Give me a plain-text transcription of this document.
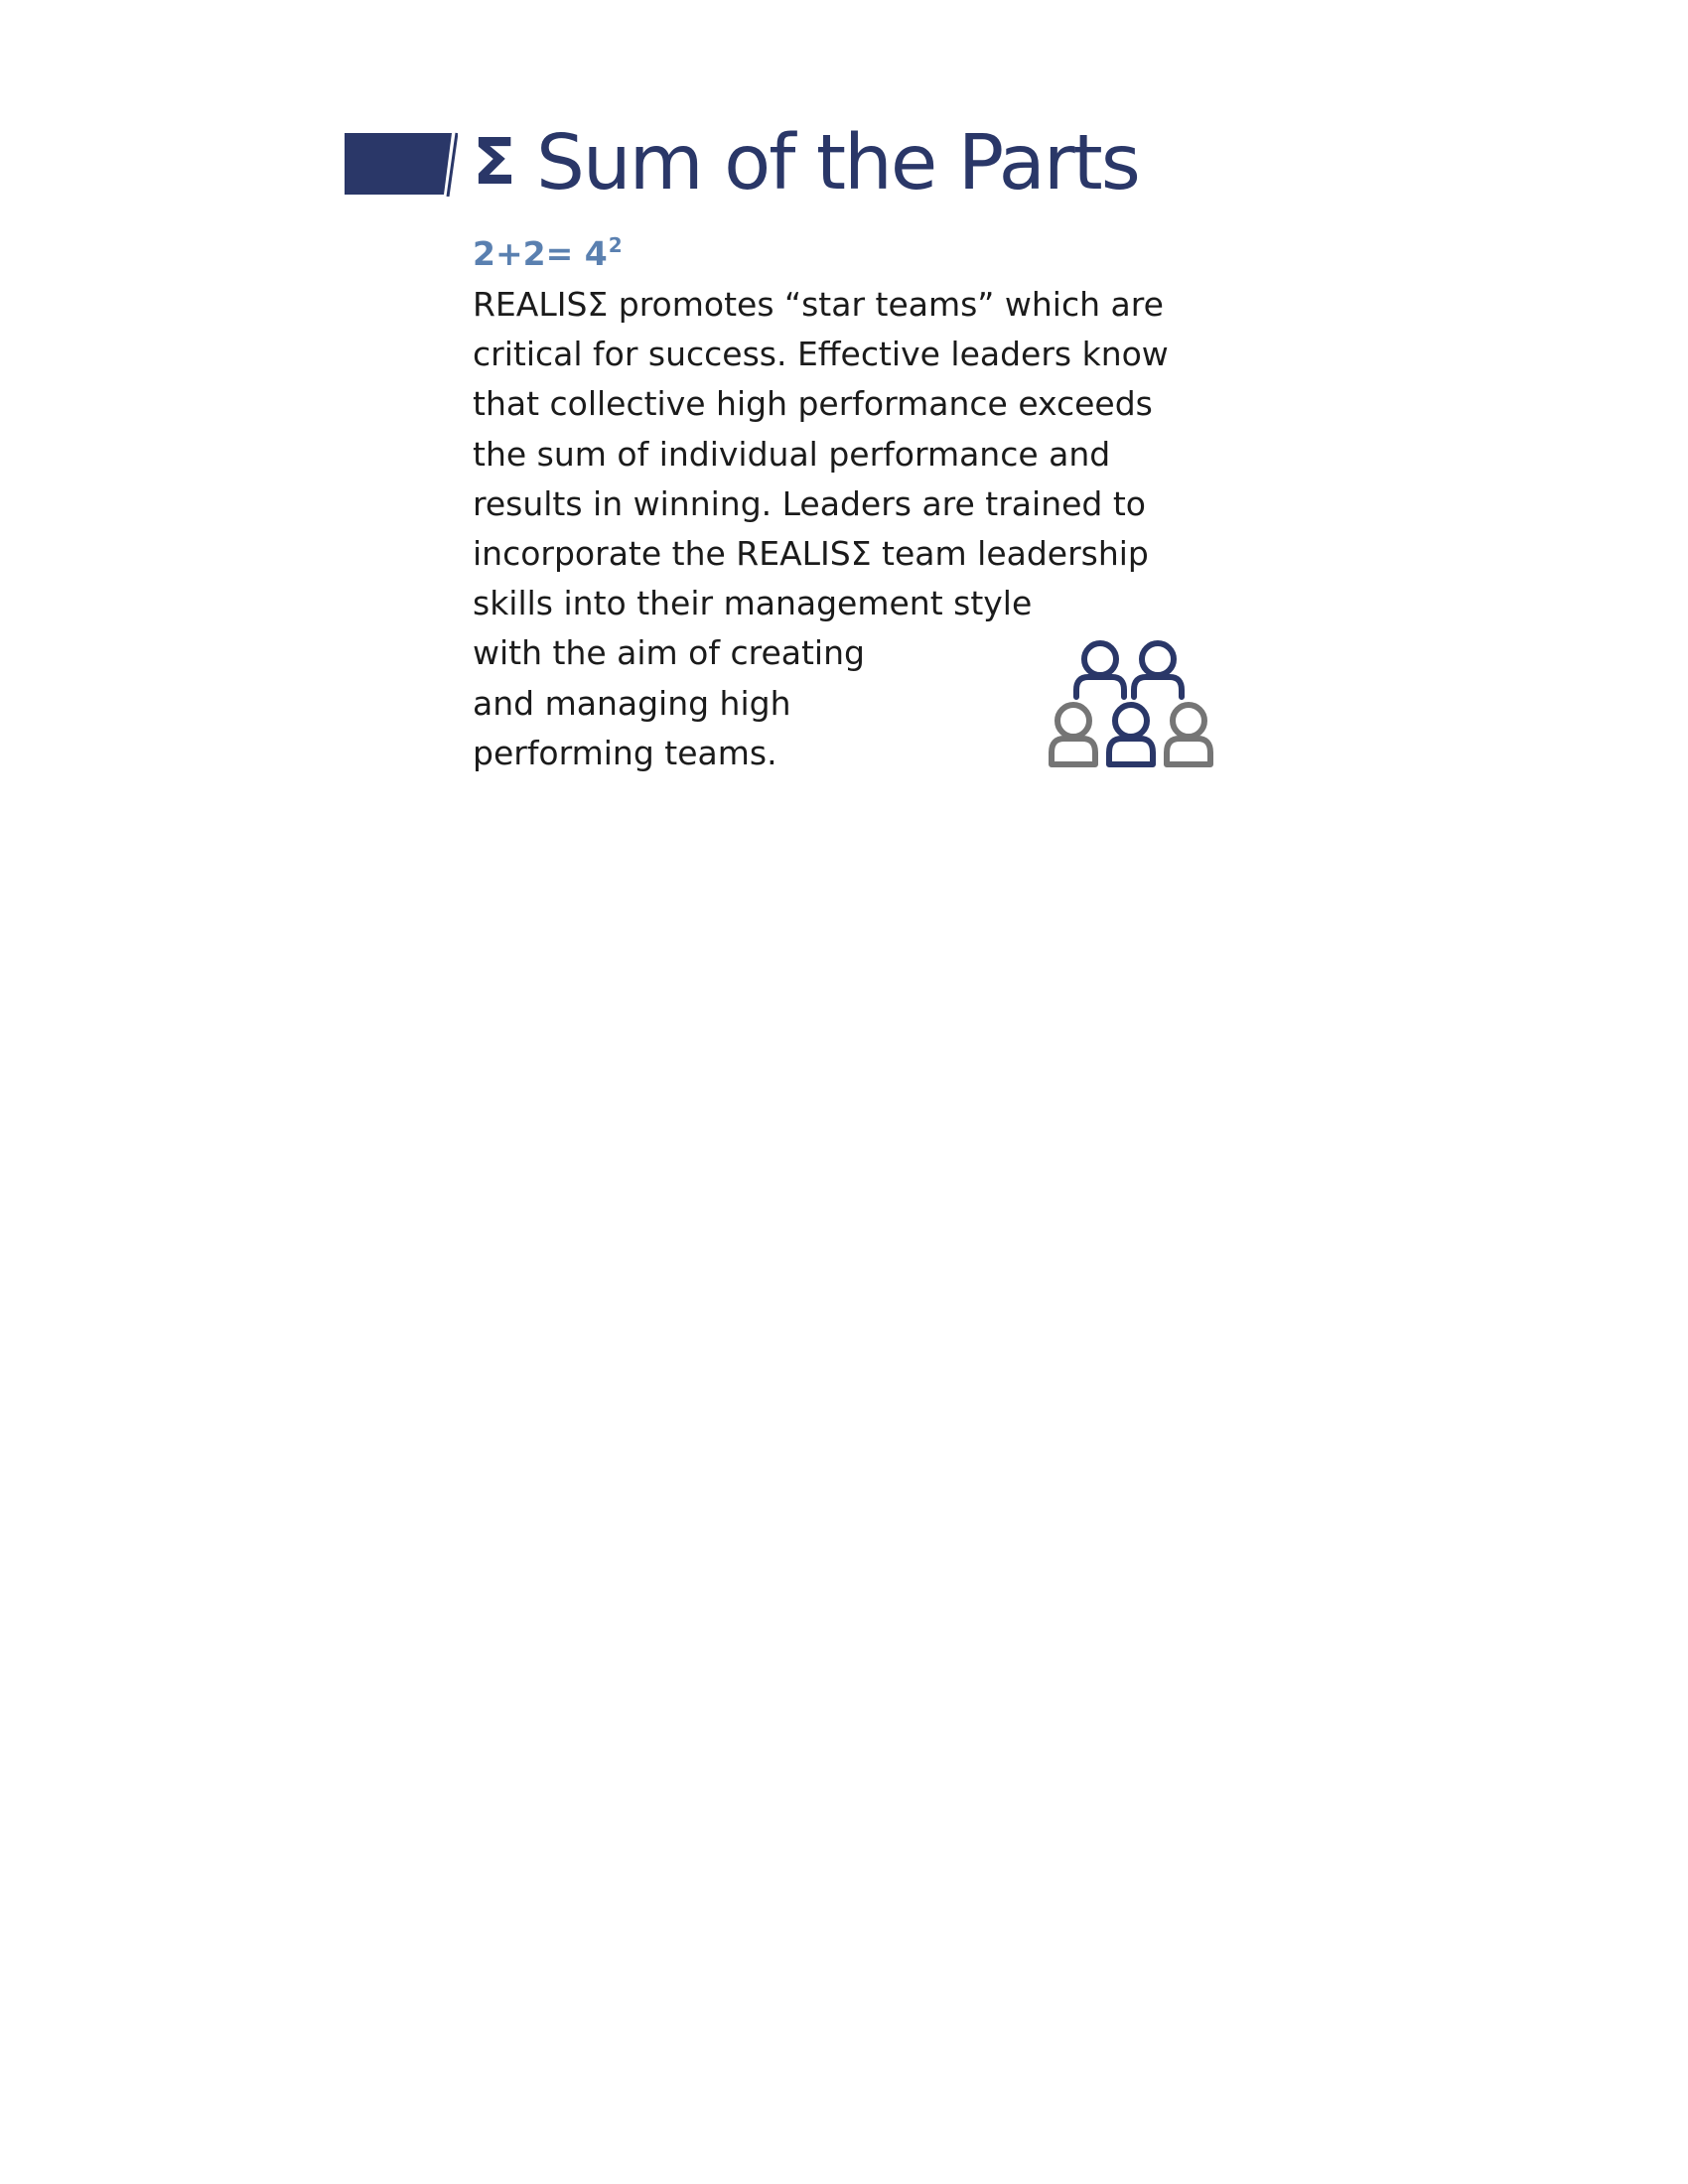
Σ Sum of the Parts
$2+2= 4^2$
REALISΣ promotes “star teams” which are
critical for success. Effective leaders know
that collective high performance exceeds
the sum of individual performance and
results in winning. Leaders are trained to
incorporate the REALISΣ team leadership
skills into their management style
with the aim of creating
and managing high
performing teams.
